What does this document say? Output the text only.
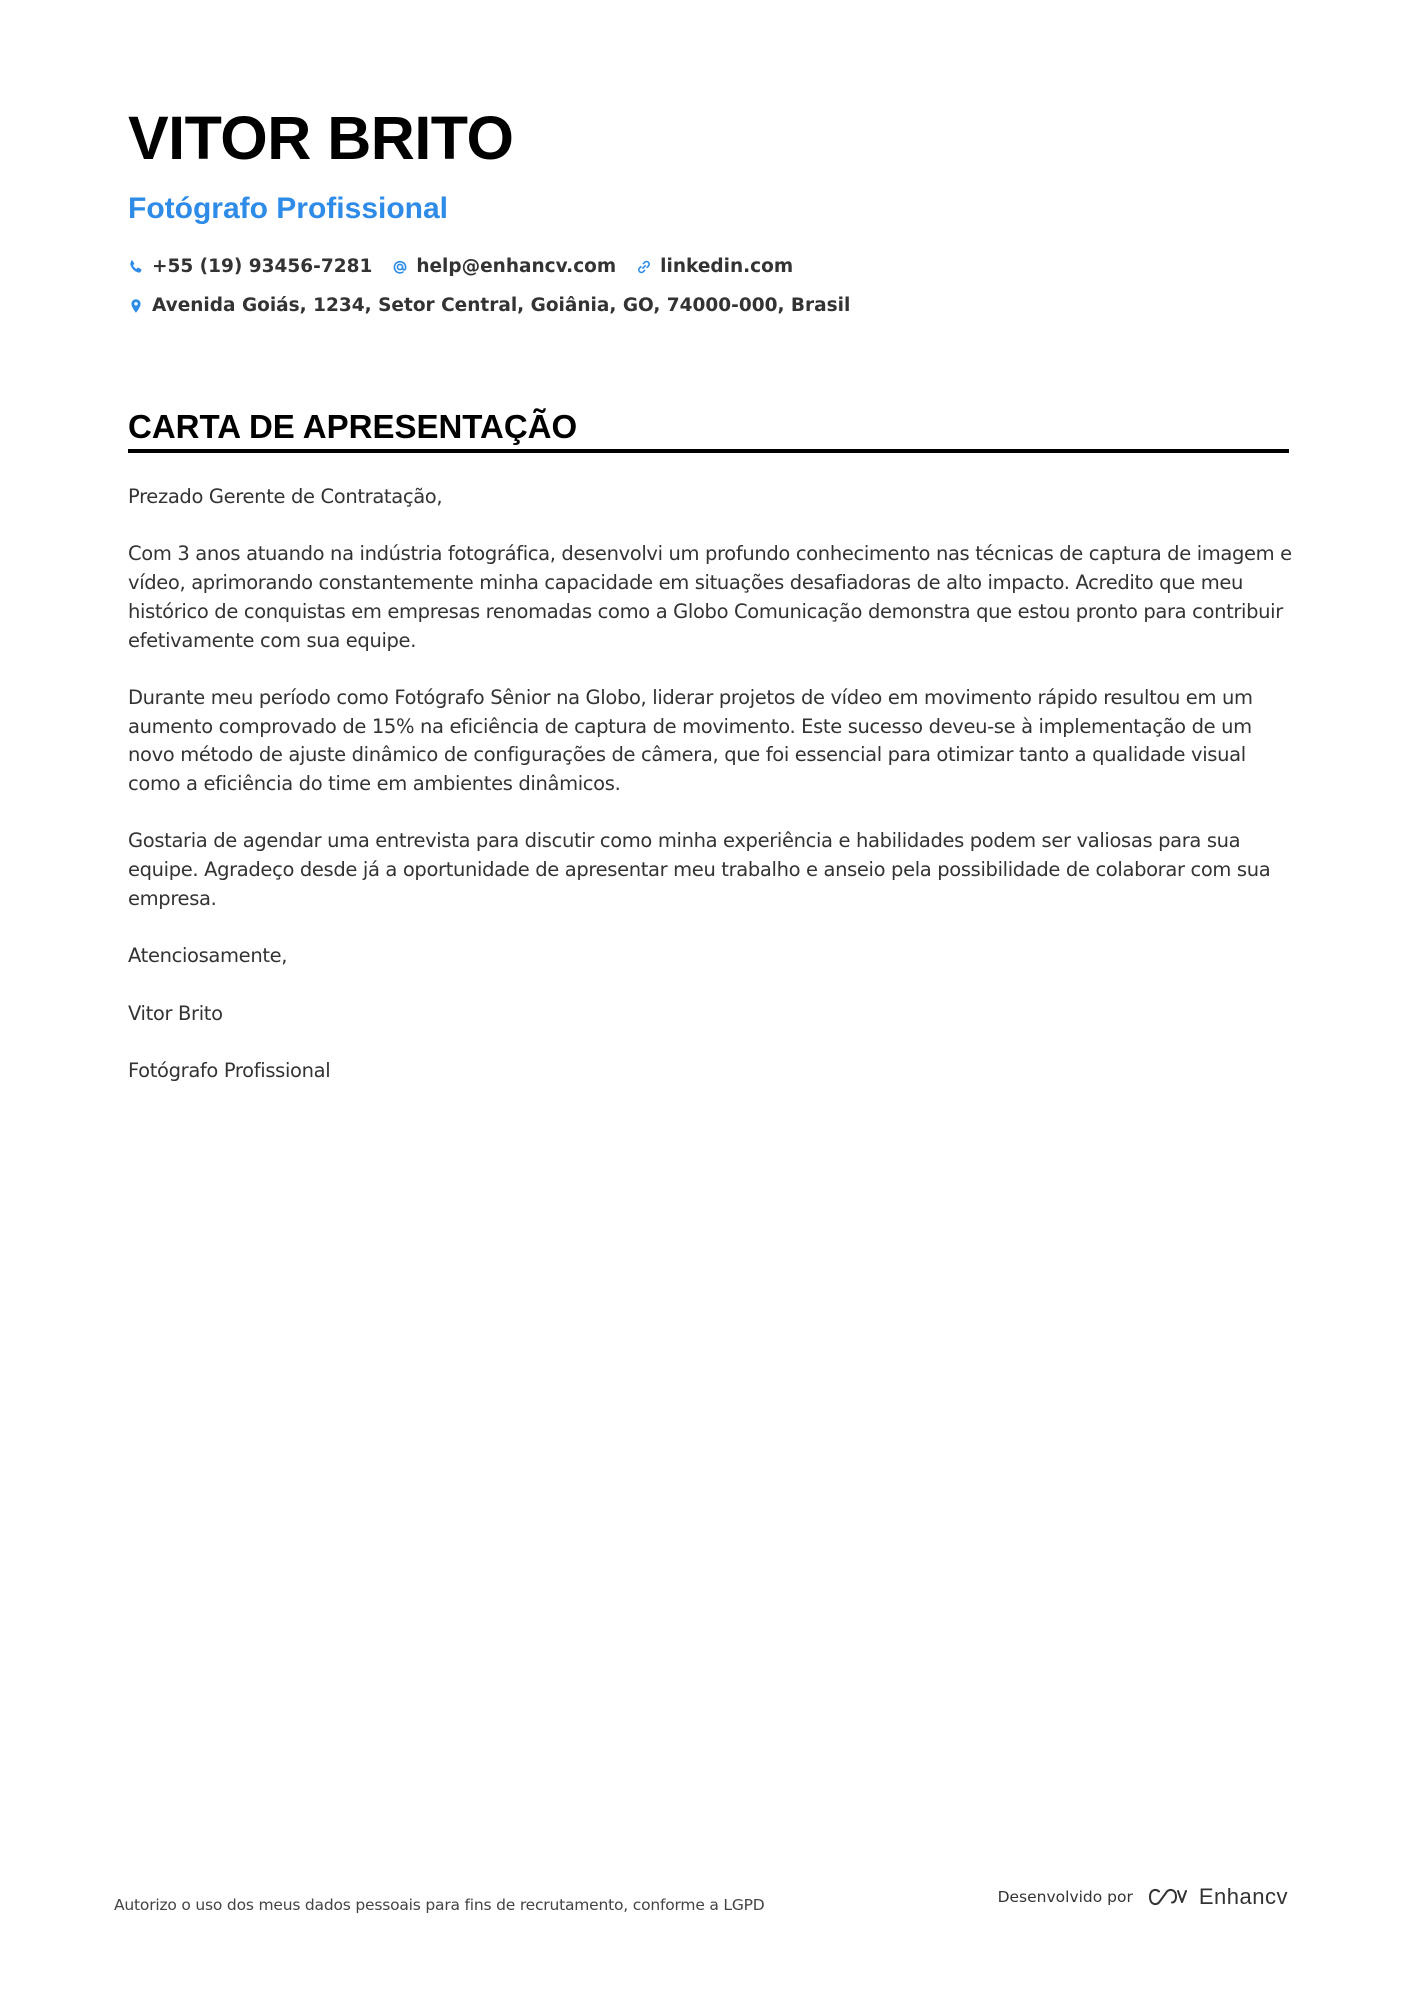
VITOR BRITO
Fotógrafo Profissional
+55 (19) 93456-7281 help@enhancv.com linkedin.com
Avenida Goiás, 1234, Setor Central, Goiânia, GO, 74000-000, Brasil
CARTA DE APRESENTAÇÃO

Prezado Gerente de Contratação,

Com 3 anos atuando na indústria fotográfica, desenvolvi um profundo conhecimento nas técnicas de captura de imagem e vídeo, aprimorando constantemente minha capacidade em situações desafiadoras de alto impacto. Acredito que meu histórico de conquistas em empresas renomadas como a Globo Comunicação demonstra que estou pronto para contribuir efetivamente com sua equipe.

Durante meu período como Fotógrafo Sênior na Globo, liderar projetos de vídeo em movimento rápido resultou em um aumento comprovado de 15% na eficiência de captura de movimento. Este sucesso deveu-se à implementação de um novo método de ajuste dinâmico de configurações de câmera, que foi essencial para otimizar tanto a qualidade visual como a eficiência do time em ambientes dinâmicos.

Gostaria de agendar uma entrevista para discutir como minha experiência e habilidades podem ser valiosas para sua equipe. Agradeço desde já a oportunidade de apresentar meu trabalho e anseio pela possibilidade de colaborar com sua empresa.

Atenciosamente,

Vitor Brito

Fotógrafo Profissional

Autorizo o uso dos meus dados pessoais para fins de recrutamento, conforme a LGPD	Desenvolvido por	Enhancv
